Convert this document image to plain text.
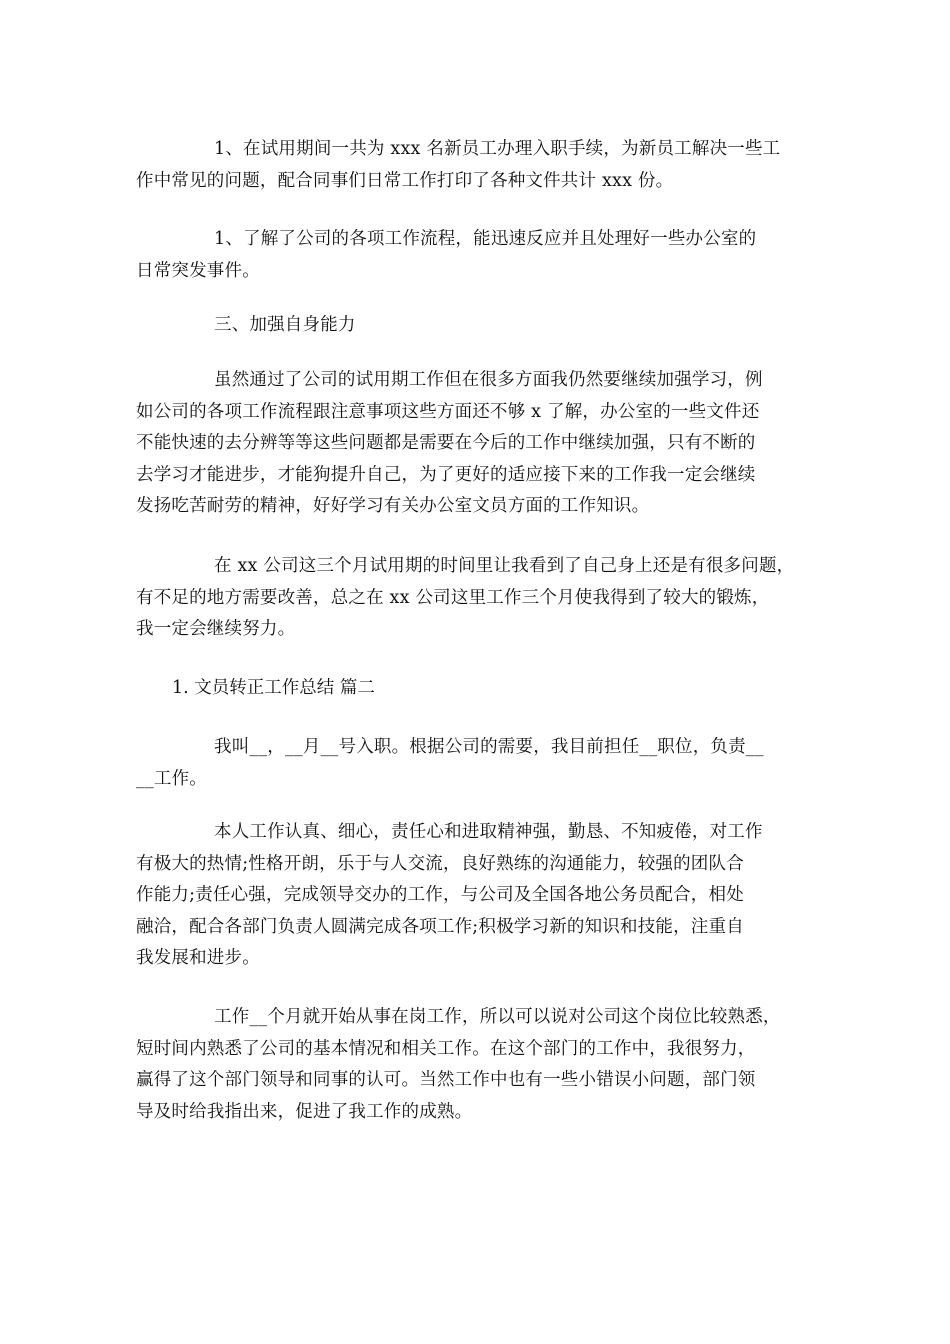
1、在试用期间一共为 xxx 名新员工办理入职手续，为新员工解决一些工
作中常见的问题，配合同事们日常工作打印了各种文件共计 xxx 份。

1、了解了公司的各项工作流程，能迅速反应并且处理好一些办公室的
日常突发事件。

三、加强自身能力

虽然通过了公司的试用期工作但在很多方面我仍然要继续加强学习，例
如公司的各项工作流程跟注意事项这些方面还不够 x 了解，办公室的一些文件还
不能快速的去分辨等等这些问题都是需要在今后的工作中继续加强，只有不断的
去学习才能进步，才能狗提升自己，为了更好的适应接下来的工作我一定会继续
发扬吃苦耐劳的精神，好好学习有关办公室文员方面的工作知识。

在 xx 公司这三个月试用期的时间里让我看到了自己身上还是有很多问题，
有不足的地方需要改善，总之在 xx 公司这里工作三个月使我得到了较大的锻炼，
我一定会继续努力。

1. 文员转正工作总结 篇二

我叫__，__月__号入职。根据公司的需要，我目前担任__职位，负责__
__工作。

本人工作认真、细心，责任心和进取精神强，勤恳、不知疲倦，对工作
有极大的热情;性格开朗，乐于与人交流，良好熟练的沟通能力，较强的团队合
作能力;责任心强，完成领导交办的工作，与公司及全国各地公务员配合，相处
融洽，配合各部门负责人圆满完成各项工作;积极学习新的知识和技能，注重自
我发展和进步。

工作__个月就开始从事在岗工作，所以可以说对公司这个岗位比较熟悉，
短时间内熟悉了公司的基本情况和相关工作。在这个部门的工作中，我很努力，
赢得了这个部门领导和同事的认可。当然工作中也有一些小错误小问题，部门领
导及时给我指出来，促进了我工作的成熟。
